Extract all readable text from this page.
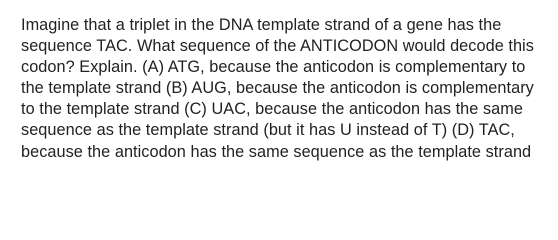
Imagine that a triplet in the DNA template strand of a gene has the sequence TAC. What sequence of the ANTICODON would decode this codon? Explain. (A) ATG, because the anticodon is complementary to the template strand (B) AUG, because the anticodon is complementary to the template strand (C) UAC, because the anticodon has the same sequence as the template strand (but it has U instead of T) (D) TAC, because the anticodon has the same sequence as the template strand
